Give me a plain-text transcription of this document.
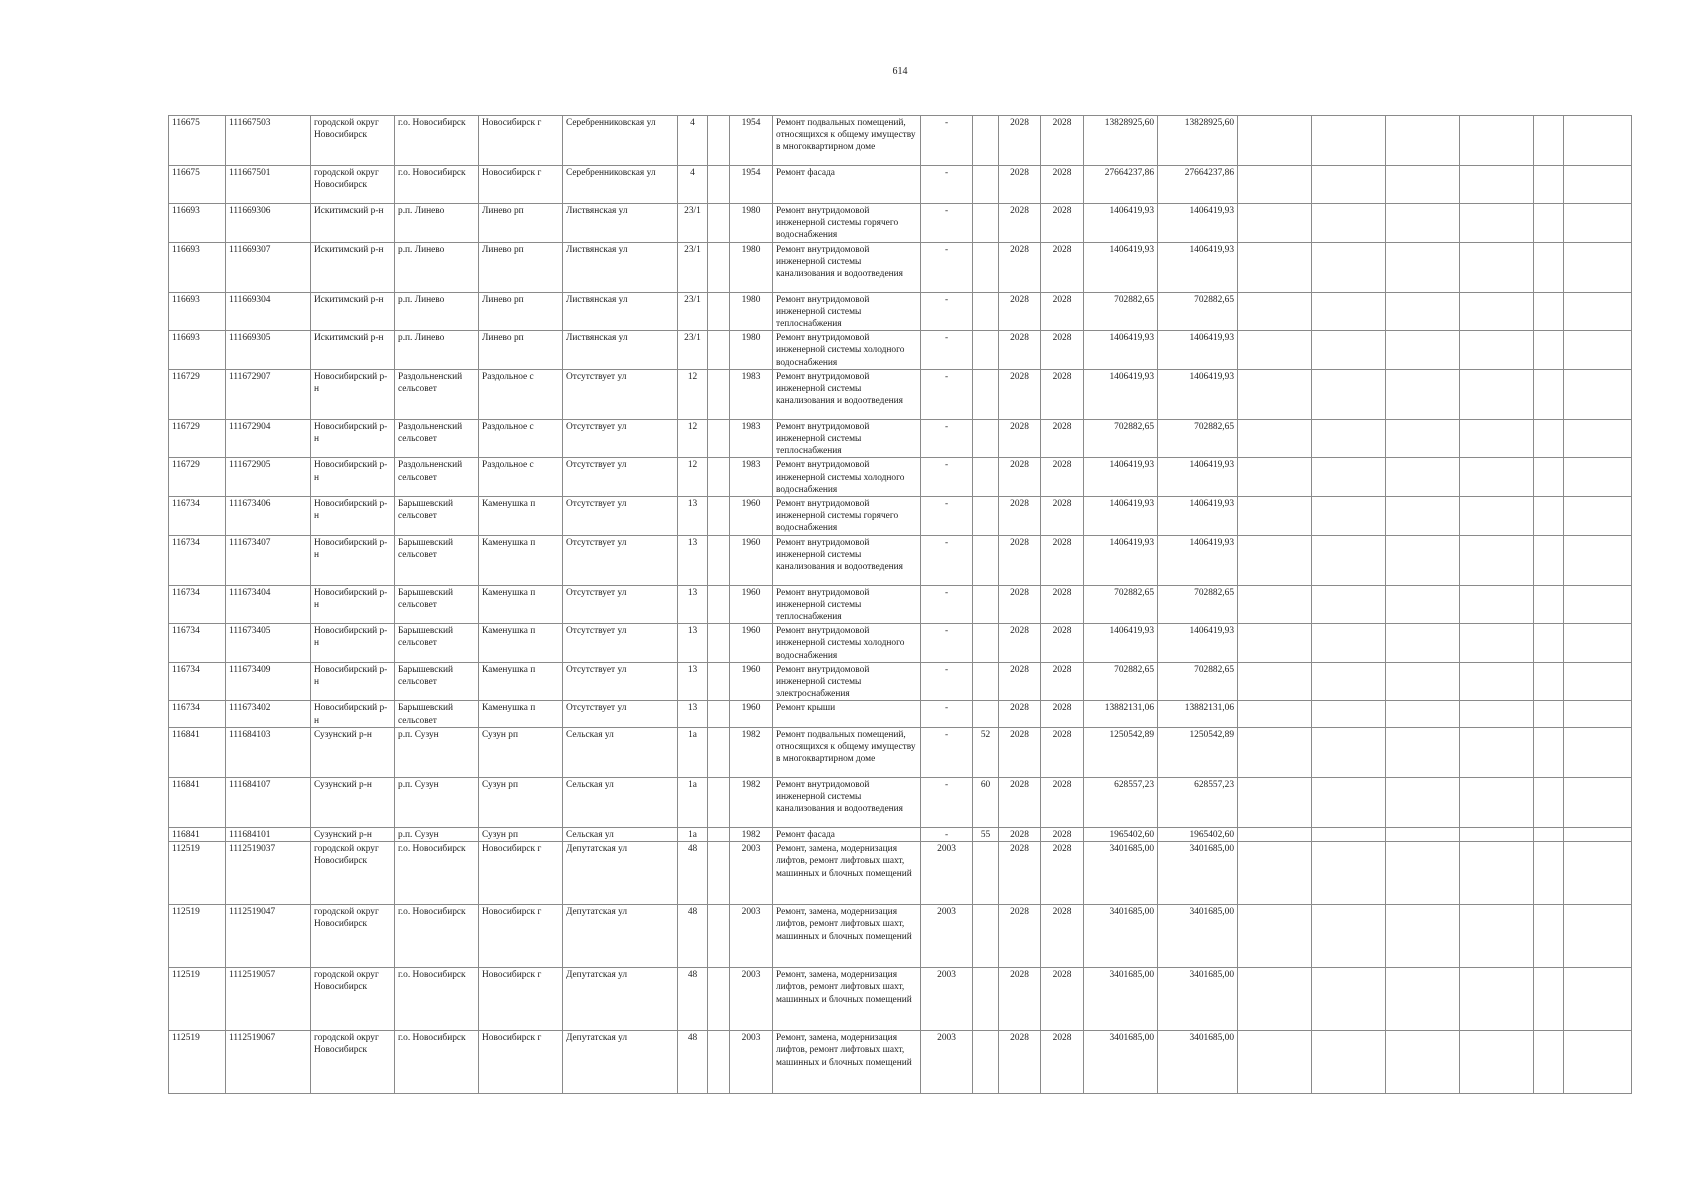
614
116675	111667503	городской округ Новосибирск	г.о. Новосибирск	Новосибирск г	Серебренниковская ул	4		1954	Ремонт подвальных помещений, относящихся к общему имуществу в многоквартирном доме	-		2028	2028	13828925,60	13828925,60						
116675	111667501	городской округ Новосибирск	г.о. Новосибирск	Новосибирск г	Серебренниковская ул	4		1954	Ремонт фасада	-		2028	2028	27664237,86	27664237,86						
116693	111669306	Искитимский р-н	р.п. Линево	Линево рп	Листвянская ул	23/1		1980	Ремонт внутридомовой инженерной системы горячего водоснабжения	-		2028	2028	1406419,93	1406419,93						
116693	111669307	Искитимский р-н	р.п. Линево	Линево рп	Листвянская ул	23/1		1980	Ремонт внутридомовой инженерной системы канализования и водоотведения	-		2028	2028	1406419,93	1406419,93						
116693	111669304	Искитимский р-н	р.п. Линево	Линево рп	Листвянская ул	23/1		1980	Ремонт внутридомовой инженерной системы теплоснабжения	-		2028	2028	702882,65	702882,65						
116693	111669305	Искитимский р-н	р.п. Линево	Линево рп	Листвянская ул	23/1		1980	Ремонт внутридомовой инженерной системы холодного водоснабжения	-		2028	2028	1406419,93	1406419,93						
116729	111672907	Новосибирский р-н	Раздольненский сельсовет	Раздольное с	Отсутствует ул	12		1983	Ремонт внутридомовой инженерной системы канализования и водоотведения	-		2028	2028	1406419,93	1406419,93						
116729	111672904	Новосибирский р-н	Раздольненский сельсовет	Раздольное с	Отсутствует ул	12		1983	Ремонт внутридомовой инженерной системы теплоснабжения	-		2028	2028	702882,65	702882,65						
116729	111672905	Новосибирский р-н	Раздольненский сельсовет	Раздольное с	Отсутствует ул	12		1983	Ремонт внутридомовой инженерной системы холодного водоснабжения	-		2028	2028	1406419,93	1406419,93						
116734	111673406	Новосибирский р-н	Барышевский сельсовет	Каменушка п	Отсутствует ул	13		1960	Ремонт внутридомовой инженерной системы горячего водоснабжения	-		2028	2028	1406419,93	1406419,93						
116734	111673407	Новосибирский р-н	Барышевский сельсовет	Каменушка п	Отсутствует ул	13		1960	Ремонт внутридомовой инженерной системы канализования и водоотведения	-		2028	2028	1406419,93	1406419,93						
116734	111673404	Новосибирский р-н	Барышевский сельсовет	Каменушка п	Отсутствует ул	13		1960	Ремонт внутридомовой инженерной системы теплоснабжения	-		2028	2028	702882,65	702882,65						
116734	111673405	Новосибирский р-н	Барышевский сельсовет	Каменушка п	Отсутствует ул	13		1960	Ремонт внутридомовой инженерной системы холодного водоснабжения	-		2028	2028	1406419,93	1406419,93						
116734	111673409	Новосибирский р-н	Барышевский сельсовет	Каменушка п	Отсутствует ул	13		1960	Ремонт внутридомовой инженерной системы электроснабжения	-		2028	2028	702882,65	702882,65						
116734	111673402	Новосибирский р-н	Барышевский сельсовет	Каменушка п	Отсутствует ул	13		1960	Ремонт крыши	-		2028	2028	13882131,06	13882131,06						
116841	111684103	Сузунский р-н	р.п. Сузун	Сузун рп	Сельская ул	1а		1982	Ремонт подвальных помещений, относящихся к общему имуществу в многоквартирном доме	-	52	2028	2028	1250542,89	1250542,89						
116841	111684107	Сузунский р-н	р.п. Сузун	Сузун рп	Сельская ул	1а		1982	Ремонт внутридомовой инженерной системы канализования и водоотведения	-	60	2028	2028	628557,23	628557,23						
116841	111684101	Сузунский р-н	р.п. Сузун	Сузун рп	Сельская ул	1а		1982	Ремонт фасада	-	55	2028	2028	1965402,60	1965402,60						
112519	1112519037	городской округ Новосибирск	г.о. Новосибирск	Новосибирск г	Депутатская ул	48		2003	Ремонт, замена, модернизация лифтов, ремонт лифтовых шахт, машинных и блочных помещений	2003		2028	2028	3401685,00	3401685,00						
112519	1112519047	городской округ Новосибирск	г.о. Новосибирск	Новосибирск г	Депутатская ул	48		2003	Ремонт, замена, модернизация лифтов, ремонт лифтовых шахт, машинных и блочных помещений	2003		2028	2028	3401685,00	3401685,00						
112519	1112519057	городской округ Новосибирск	г.о. Новосибирск	Новосибирск г	Депутатская ул	48		2003	Ремонт, замена, модернизация лифтов, ремонт лифтовых шахт, машинных и блочных помещений	2003		2028	2028	3401685,00	3401685,00						
112519	1112519067	городской округ Новосибирск	г.о. Новосибирск	Новосибирск г	Депутатская ул	48		2003	Ремонт, замена, модернизация лифтов, ремонт лифтовых шахт, машинных и блочных помещений	2003		2028	2028	3401685,00	3401685,00						
